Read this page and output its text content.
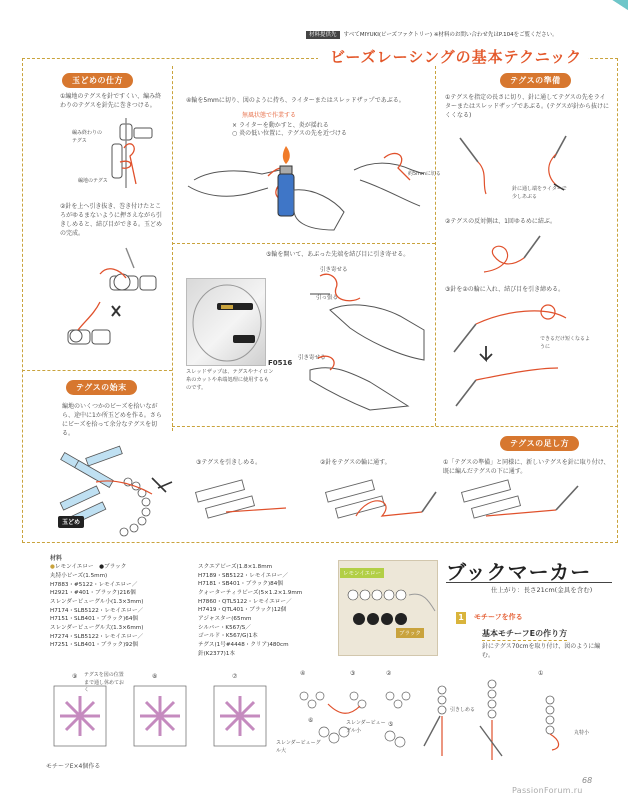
材料提供先 すべてMIYUKI(ビーズファクトリー) ※材料のお問い合わせ先はP.104をご覧ください。
ビーズレーシングの基本テクニック
玉どめの仕方
①編地のテグスを針ですくい、編み終わりのテグスを針先に巻きつける。
編み終わりのテグス
編地のテグス
②針を上へ引き抜き、巻き付けたところがゆるまないように押さえながら引きしめると、結び目ができる。玉どめの完成。
テグスの始末
編地のいくつかのビーズを拾いながら、途中に1か所玉どめを作る。さらにビーズを拾って余分なテグスを切る。
玉どめ
④輪を5mmに切り、図のように持ち、ライターまたはスレッドザップであぶる。
無風状態で作業する
× ライターを動かすと、炎が揺れる
○ 炎の低い位置に、テグスの先を近づける
約5mmに切る
⑤輪を開いて、あぶった先端を結び目に引き寄せる。
引き寄せる
引っ張る
引き寄せる
F0516
スレッドザップは、テグスやナイロン糸のカットや糸端処理に使用するものです。
テグスの準備
①テグスを指定の長さに切り、針に通してテグスの先をライターまたはスレッドザップであぶる。(テグスが針から抜けにくくなる)
針に通し端をライターで少しあぶる
②テグスの反対側は、1回ゆるめに結ぶ。
③針を②の輪に入れ、結び目を引き締める。
できるだけ短くなるように
テグスの足し方
①「テグスの準備」と同様に、新しいテグスを針に取り付け、既に編んだテグスの下に通す。
②針をテグスの輪に通す。
③テグスを引きしめる。
材料
●レモンイエロー　 ●ブラック
丸特小ビーズ(1.5mm)
H7883・#5122・レモイエロー／
H2921・#401・ブラック)216個
スレンダービューグル小(1.3×3mm)
H7174・SLB5122・レモイエロー／
H7151・SLB401・ブラック)64個
スレンダービューグル大(1.3×6mm)
H7274・SLB5122・レモイエロー／
H7251・SLB401・ブラック)92個
スクエアビーズ(1.8×1.8mm
H7189・SB5122・レモイエロー／
H7181・SB401・ブラック)84個
クォーターティラビーズ(5×1.2×1.9mm
H7860・QTL5122・レモイエロー／
H7419・QTL401・ブラック)12個
アジャスター(65mm
シルバー・K567/S／
ゴールド・K567/G)1本
テグス(1号#4448・クリア)480cm
針(K2377)1本
レモンイエロー
ブラック
ブックマーカー
仕上がり：長さ21cm(金具を含む)
1	モチーフを作る
基本モチーフEの作り方
針にテグス70cmを取り付け、図のように編む。
テグスを図の位置まで通し休めておく
スレンダービューグル小
スレンダービューグル大
引きしめる
丸特小
モチーフE×4個作る
①
②
③
④
⑤
⑥
⑦
⑧
⑨
68
PassionForum.ru
